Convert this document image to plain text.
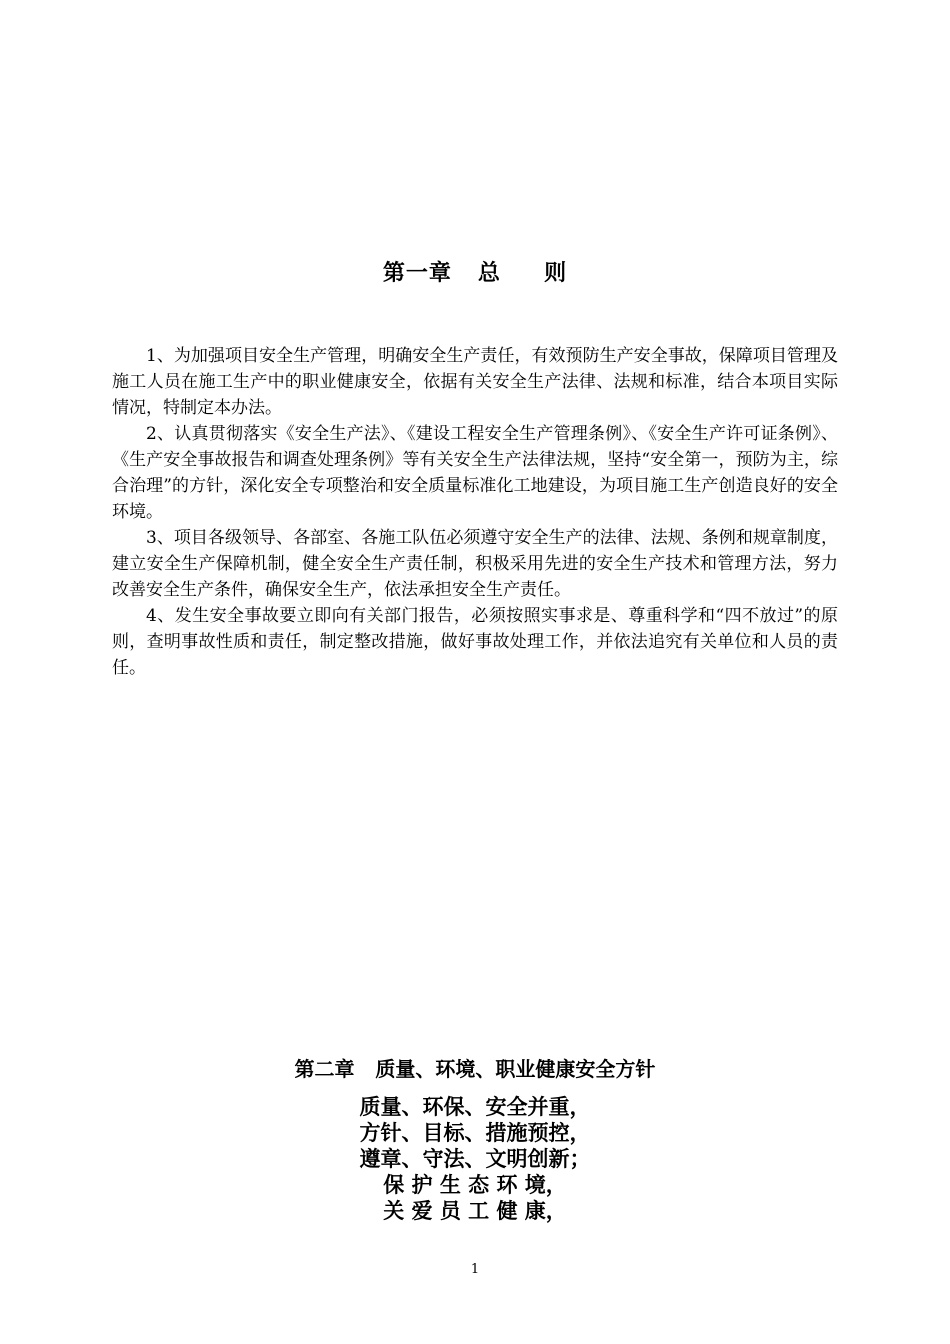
第一章   总     则

1、为加强项目安全生产管理，明确安全生产责任，有效预防生产安全事故，保障项目管理及施工人员在施工生产中的职业健康安全，依据有关安全生产法律、法规和标准，结合本项目实际情况，特制定本办法。

2、认真贯彻落实《安全生产法》、《建设工程安全生产管理条例》、《安全生产许可证条例》、《生产安全事故报告和调查处理条例》等有关安全生产法律法规，坚持“安全第一，预防为主，综合治理”的方针，深化安全专项整治和安全质量标准化工地建设，为项目施工生产创造良好的安全环境。

3、项目各级领导、各部室、各施工队伍必须遵守安全生产的法律、法规、条例和规章制度，建立安全生产保障机制，健全安全生产责任制，积极采用先进的安全生产技术和管理方法，努力改善安全生产条件，确保安全生产，依法承担安全生产责任。

4、发生安全事故要立即向有关部门报告，必须按照实事求是、尊重科学和“四不放过”的原则，查明事故性质和责任，制定整改措施，做好事故处理工作，并依法追究有关单位和人员的责任。

第二章   质量、环境、职业健康安全方针
质量、环保、安全并重，
方针、目标、措施预控，
遵章、守法、文明创新；
保 护 生 态 环 境，
关 爱 员 工 健 康，
1
